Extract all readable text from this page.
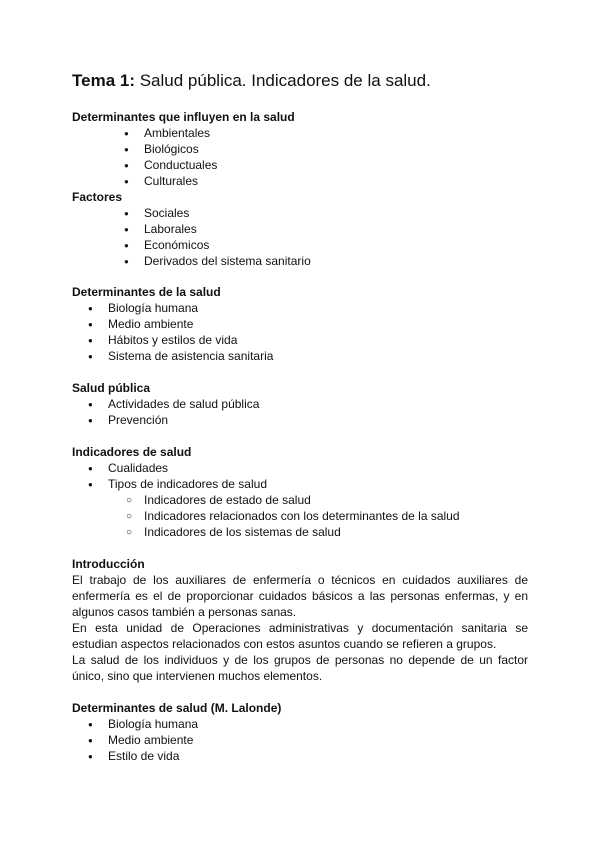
Tema 1: Salud pública. Indicadores de la salud.
Determinantes que influyen en la salud
● Ambientales
● Biológicos
● Conductuales
● Culturales
Factores
● Sociales
● Laborales
● Económicos
● Derivados del sistema sanitario
Determinantes de la salud
● Biología humana
● Medio ambiente
● Hábitos y estilos de vida
● Sistema de asistencia sanitaria
Salud pública
● Actividades de salud pública
● Prevención
Indicadores de salud
● Cualidades
● Tipos de indicadores de salud
○ Indicadores de estado de salud
○ Indicadores relacionados con los determinantes de la salud
○ Indicadores de los sistemas de salud
Introducción
El trabajo de los auxiliares de enfermería o técnicos en cuidados auxiliares de enfermería es el de proporcionar cuidados básicos a las personas enfermas, y en algunos casos también a personas sanas.
En esta unidad de Operaciones administrativas y documentación sanitaria se estudian aspectos relacionados con estos asuntos cuando se refieren a grupos.
La salud de los individuos y de los grupos de personas no depende de un factor único, sino que intervienen muchos elementos.
Determinantes de salud (M. Lalonde)
● Biología humana
● Medio ambiente
● Estilo de vida
